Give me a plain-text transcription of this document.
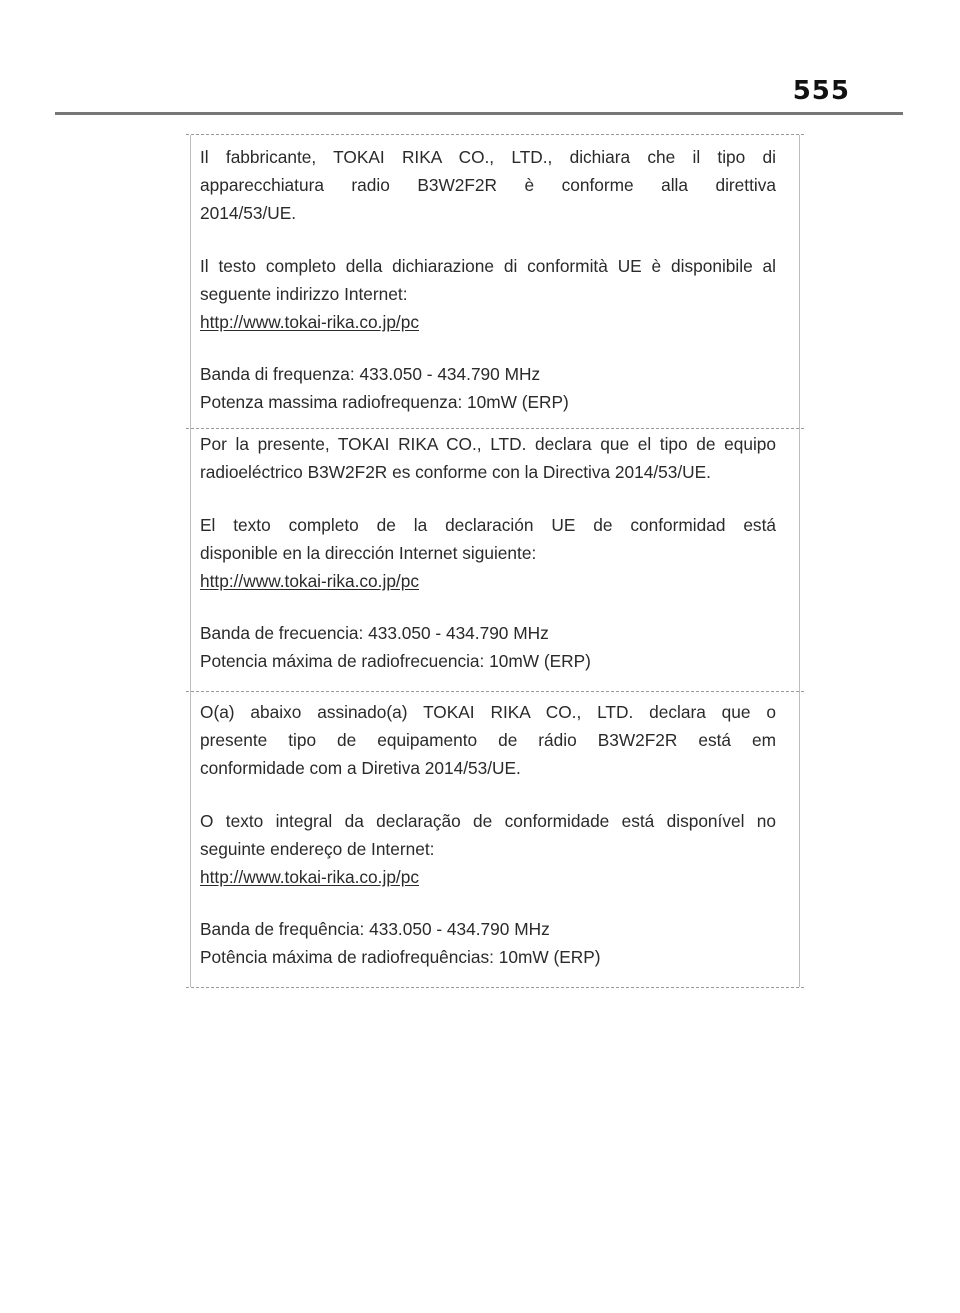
555
Il fabbricante, TOKAI RIKA CO., LTD., dichiara che il tipo di
apparecchiatura radio B3W2F2R è conforme alla direttiva
2014/53/UE.
Il testo completo della dichiarazione di conformità UE è disponibile al
seguente indirizzo Internet:
http://www.tokai-rika.co.jp/pc
Banda di frequenza: 433.050 - 434.790 MHz
Potenza massima radiofrequenza: 10mW (ERP)
Por la presente, TOKAI RIKA CO., LTD. declara que el tipo de equipo
radioeléctrico B3W2F2R es conforme con la Directiva 2014/53/UE.
El texto completo de la declaración UE de conformidad está
disponible en la dirección Internet siguiente:
http://www.tokai-rika.co.jp/pc
Banda de frecuencia: 433.050 - 434.790 MHz
Potencia máxima de radiofrecuencia: 10mW (ERP)
O(a) abaixo assinado(a) TOKAI RIKA CO., LTD. declara que o
presente tipo de equipamento de rádio B3W2F2R está em
conformidade com a Diretiva 2014/53/UE.
O texto integral da declaração de conformidade está disponível no
seguinte endereço de Internet:
http://www.tokai-rika.co.jp/pc
Banda de frequência: 433.050 - 434.790 MHz
Potência máxima de radiofrequências: 10mW (ERP)
